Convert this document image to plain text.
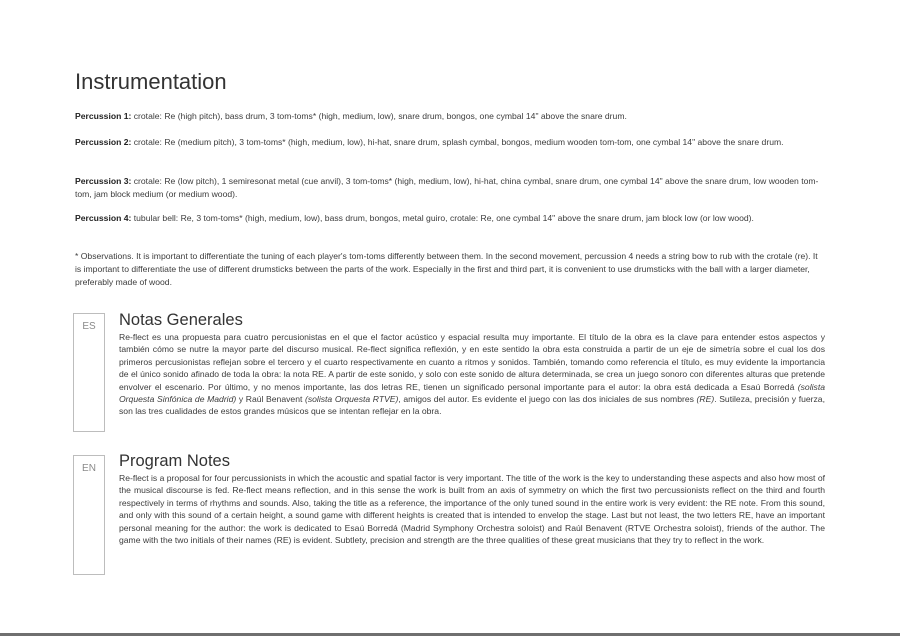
Instrumentation

Percussion 1: crotale: Re (high pitch), bass drum, 3 tom-toms* (high, medium, low), snare drum, bongos, one cymbal 14" above the snare drum.

Percussion 2: crotale: Re (medium pitch), 3 tom-toms* (high, medium, low), hi-hat, snare drum, splash cymbal, bongos, medium wooden tom-tom, one cymbal 14" above the snare drum.

Percussion 3: crotale: Re (low pitch), 1 semiresonat metal (cue anvil), 3 tom-toms* (high, medium, low), hi-hat, china cymbal, snare drum, one cymbal 14" above the snare drum, low wooden tom-tom, jam block medium (or medium wood).

Percussion 4: tubular bell: Re, 3 tom-toms* (high, medium, low), bass drum, bongos, metal guiro, crotale: Re, one cymbal 14" above the snare drum, jam block low (or low wood).

* Observations. It is important to differentiate the tuning of each player's tom-toms differently between them. In the second movement, percussion 4 needs a string bow to rub with the crotale (re). It is important to differentiate the use of different drumsticks between the parts of the work. Especially in the first and third part, it is convenient to use drumsticks with the ball with a larger diameter, preferably made of wood.

ES	Notas Generales

Re-flect es una propuesta para cuatro percusionistas en el que el factor acústico y espacial resulta muy importante. El título de la obra es la clave para entender estos aspectos y también cómo se nutre la mayor parte del discurso musical. Re-flect significa reflexión, y en este sentido la obra esta construida a partir de un eje de simetría sobre el cual los dos primeros percusionistas reflejan sobre el tercero y el cuarto respectivamente en cuanto a ritmos y sonidos. También, tomando como referencia el título, es muy evidente la importancia de el único sonido afinado de toda la obra: la nota RE. A partir de este sonido, y solo con este sonido de altura determinada, se crea un juego sonoro con diferentes alturas que pretende envolver el escenario. Por último, y no menos importante, las dos letras RE, tienen un significado personal importante para el autor: la obra está dedicada a Esaú Borredá (solista Orquesta Sinfónica de Madrid) y Raúl Benavent (solista Orquesta RTVE), amigos del autor. Es evidente el juego con las dos iniciales de sus nombres (RE). Sutileza, precisión y fuerza, son las tres cualidades de estos grandes músicos que se intentan reflejar en la obra.

EN	Program Notes

Re-flect is a proposal for four percussionists in which the acoustic and spatial factor is very important. The title of the work is the key to understanding these aspects and also how most of the musical discourse is fed. Re-flect means reflection, and in this sense the work is built from an axis of symmetry on which the first two percussionists reflect on the third and fourth respectively in terms of rhythms and sounds. Also, taking the title as a reference, the importance of the only tuned sound in the entire work is very evident: the RE note. From this sound, and only with this sound of a certain height, a sound game with different heights is created that is intended to envelop the stage. Last but not least, the two letters RE, have an important personal meaning for the author: the work is dedicated to Esaú Borredá (Madrid Symphony Orchestra soloist) and Raúl Benavent (RTVE Orchestra soloist), friends of the author. The game with the two initials of their names (RE) is evident. Subtlety, precision and strength are the three qualities of these great musicians that they try to reflect in the work.
